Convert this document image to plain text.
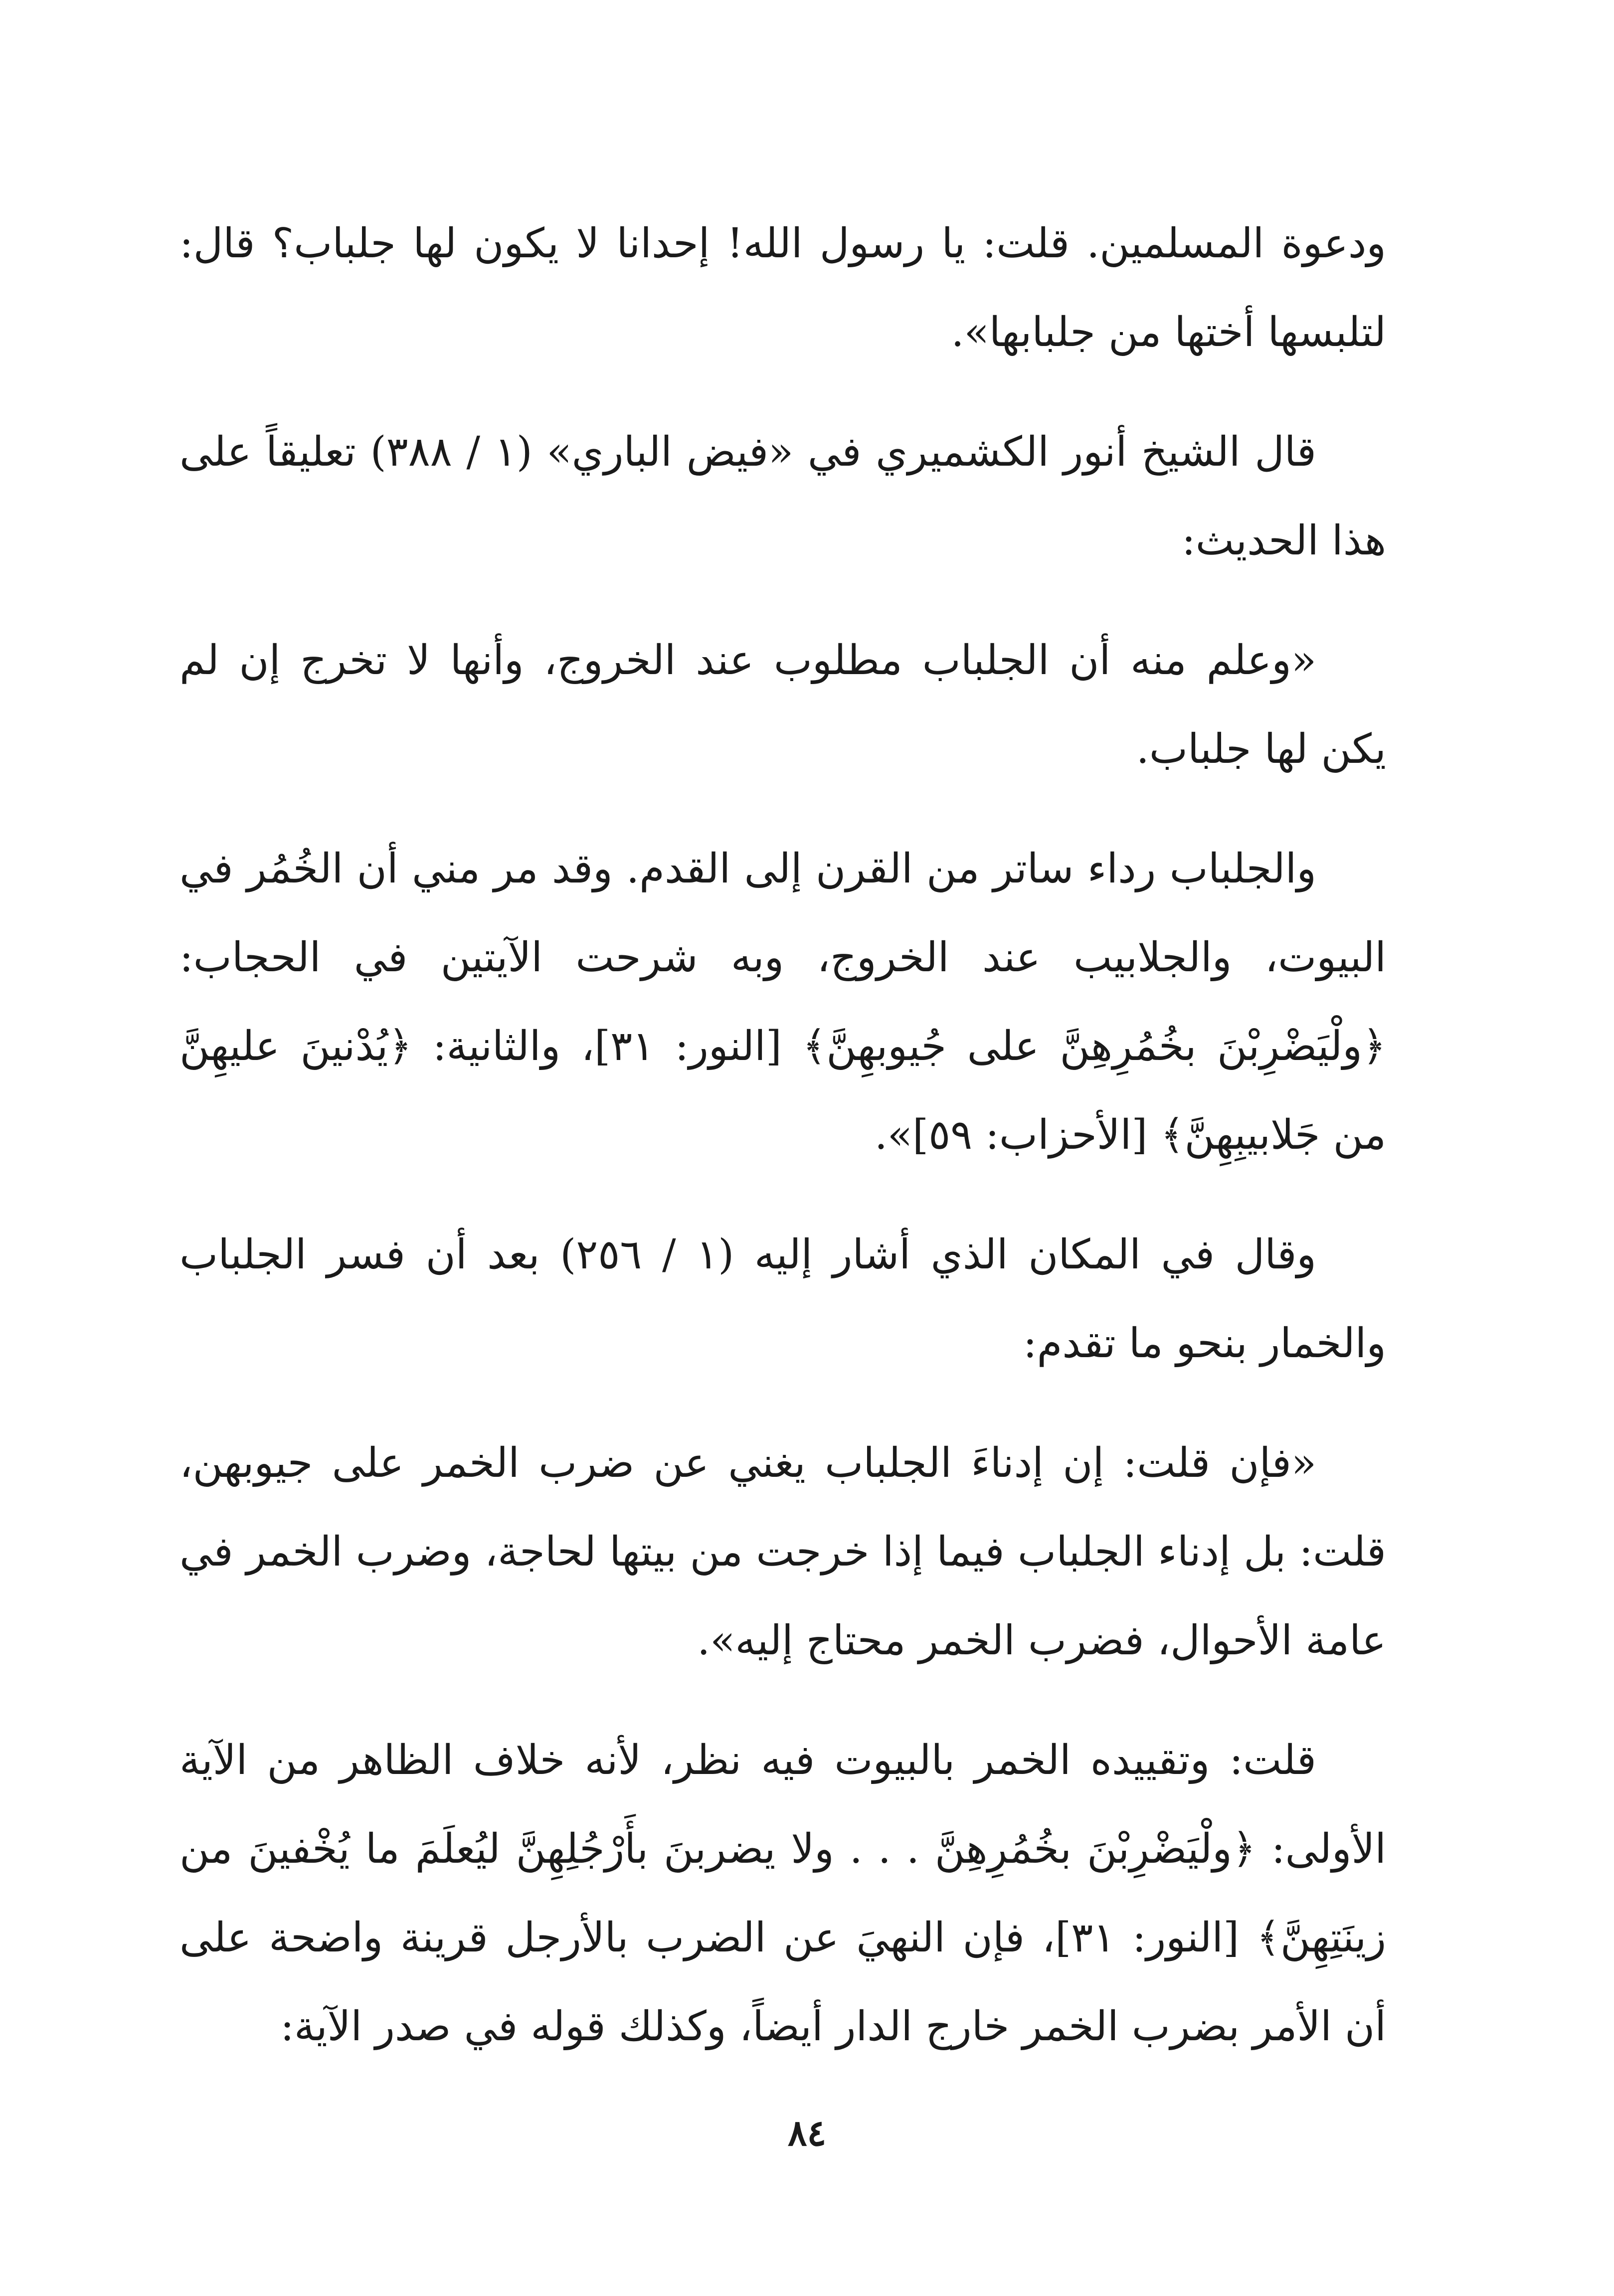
ودعوة المسلمين. قلت: يا رسول الله! إحدانا لا يكون لها جلباب؟ قال: لتلبسها أختها من جلبابها».

قال الشيخ أنور الكشميري في «فيض الباري» (١ / ٣٨٨) تعليقاً على هذا الحديث:

«وعلم منه أن الجلباب مطلوب عند الخروج، وأنها لا تخرج إن لم يكن لها جلباب.

والجلباب رداء ساتر من القرن إلى القدم. وقد مر مني أن الخُمُر في البيوت، والجلابيب عند الخروج، وبه شرحت الآيتين في الحجاب: ﴿ولْيَضْرِبْنَ بخُمُرِهِنَّ على جُيوبهِنَّ﴾ [النور: ٣١]، والثانية: ﴿يُدْنينَ عليهِنَّ من جَلابيبِهِنَّ﴾ [الأحزاب: ٥٩]».

وقال في المكان الذي أشار إليه (١ / ٢٥٦) بعد أن فسر الجلباب والخمار بنحو ما تقدم:

«فإن قلت: إن إدناءَ الجلباب يغني عن ضرب الخمر على جيوبهن، قلت: بل إدناء الجلباب فيما إذا خرجت من بيتها لحاجة، وضرب الخمر في عامة الأحوال، فضرب الخمر محتاج إليه».

قلت: وتقييده الخمر بالبيوت فيه نظر، لأنه خلاف الظاهر من الآية الأولى: ﴿ولْيَضْرِبْنَ بخُمُرِهِنَّ . . . ولا يضربنَ بأَرْجُلِهِنَّ ليُعلَمَ ما يُخْفينَ من زينَتِهِنَّ﴾ [النور: ٣١]، فإن النهيَ عن الضرب بالأرجل قرينة واضحة على أن الأمر بضرب الخمر خارج الدار أيضاً، وكذلك قوله في صدر الآية:

٨٤
